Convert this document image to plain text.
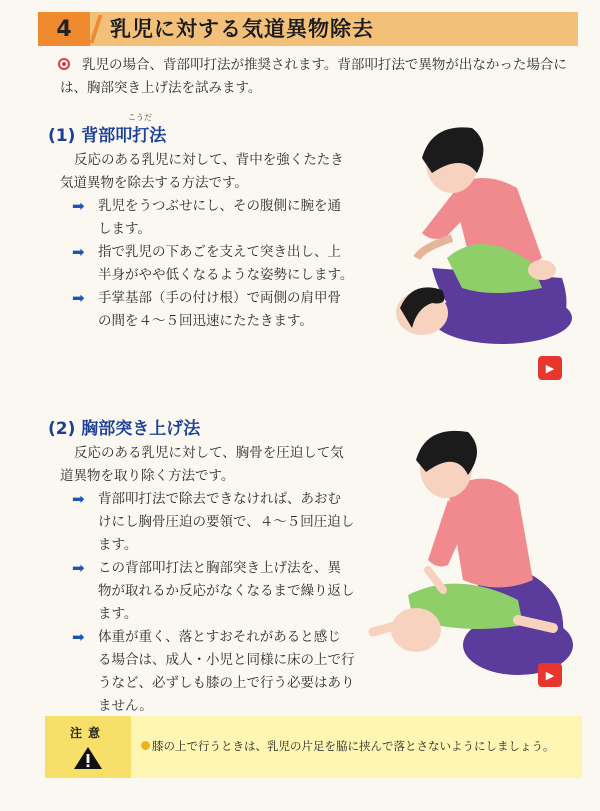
4	乳児に対する気道異物除去

乳児の場合、背部叩打法が推奨されます。背部叩打法で異物が出なかった場合に

は、胸部突き上げ法を試みます。

こうだ
(1) 背部叩打法

反応のある乳児に対して、背中を強くたたき

気道異物を除去する方法です。

➡ 乳児をうつぶせにし、その腹側に腕を通

します。

➡ 指で乳児の下あごを支えて突き出し、上

半身がやや低くなるような姿勢にします。

➡ 手掌基部（手の付け根）で両側の肩甲骨

の間を４～５回迅速にたたきます。

▶
(2) 胸部突き上げ法

反応のある乳児に対して、胸骨を圧迫して気

道異物を取り除く方法です。

➡ 背部叩打法で除去できなければ、あおむ

けにし胸骨圧迫の要領で、４～５回圧迫し

ます。

➡ この背部叩打法と胸部突き上げ法を、異

物が取れるか反応がなくなるまで繰り返し

ます。

➡ 体重が重く、落とすおそれがあると感じ

る場合は、成人・小児と同様に床の上で行

うなど、必ずしも膝の上で行う必要はあり

ません。

▶
注意
膝の上で行うときは、乳児の片足を脇に挟んで落とさないようにしましょう。
